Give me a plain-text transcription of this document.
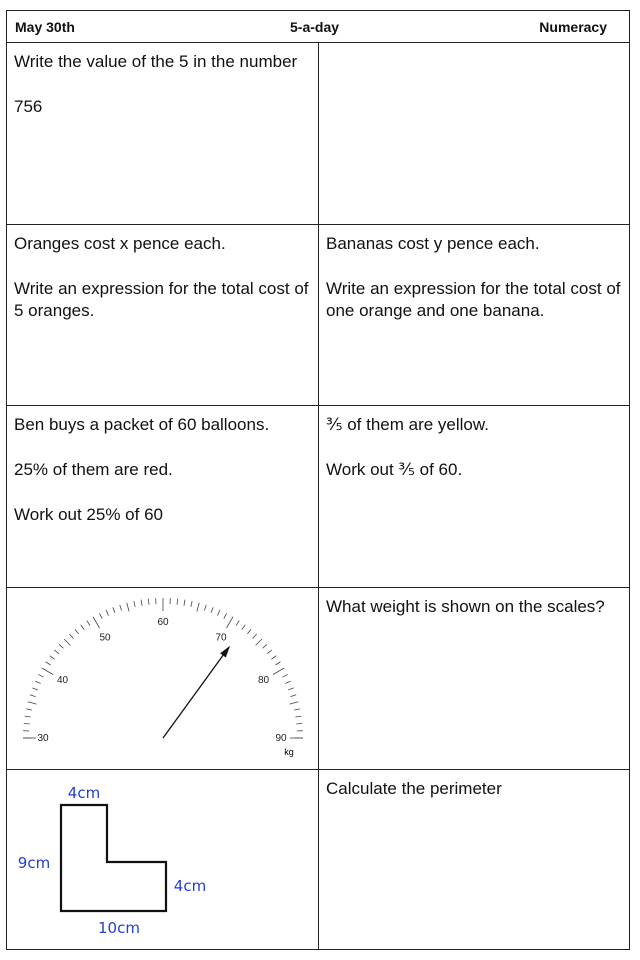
May 30th	5-a-day	Numeracy

Write the value of the 5 in the number

756

Oranges cost x pence each.

Write an expression for the total cost of 5 oranges.

Bananas cost y pence each.

Write an expression for the total cost of one orange and one banana.

Ben buys a packet of 60 balloons.

25% of them are red.

Work out 25% of 60

⅗ of them are yellow.

Work out ⅗ of 60.

30
40
50
60
70
80
90
kg

What weight is shown on the scales?

4cm
9cm
4cm
10cm

Calculate the perimeter
